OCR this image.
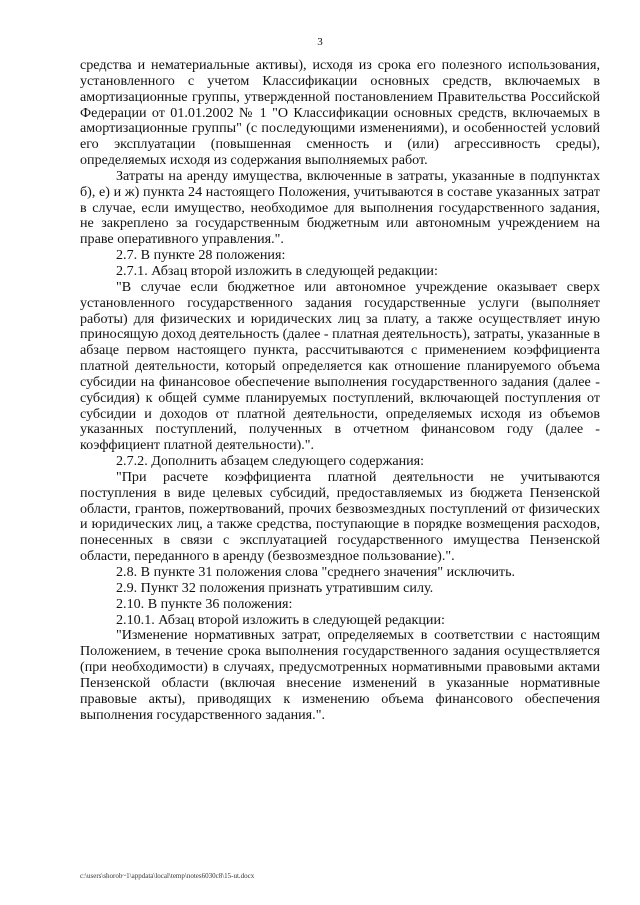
3

средства и нематериальные активы), исходя из срока его полезного использования, установленного с учетом Классификации основных средств, включаемых в амортизационные группы, утвержденной постановлением Правительства Российской Федерации от 01.01.2002 № 1 "О Классификации основных средств, включаемых в амортизационные группы" (с последующими изменениями), и особенностей условий его эксплуатации (повышенная сменность и (или) агрессивность среды), определяемых исходя из содержания выполняемых работ.

Затраты на аренду имущества, включенные в затраты, указанные в подпунктах б), е) и ж) пункта 24 настоящего Положения, учитываются в составе указанных затрат в случае, если имущество, необходимое для выполнения государственного задания, не закреплено за государственным бюджетным или автономным учреждением на праве оперативного управления.".

2.7. В пункте 28 положения:

2.7.1. Абзац второй изложить в следующей редакции:

"В случае если бюджетное или автономное учреждение оказывает сверх установленного государственного задания государственные услуги (выполняет работы) для физических и юридических лиц за плату, а также осуществляет иную приносящую доход деятельность (далее - платная деятельность), затраты, указанные в абзаце первом настоящего пункта, рассчитываются с применением коэффициента платной деятельности, который определяется как отношение планируемого объема субсидии на финансовое обеспечение выполнения государственного задания (далее - субсидия) к общей сумме планируемых поступлений, включающей поступления от субсидии и доходов от платной деятельности, определяемых исходя из объемов указанных поступлений, полученных в отчетном финансовом году (далее - коэффициент платной деятельности).".

2.7.2. Дополнить абзацем следующего содержания:

"При расчете коэффициента платной деятельности не учитываются поступления в виде целевых субсидий, предоставляемых из бюджета Пензенской области, грантов, пожертвований, прочих безвозмездных поступлений от физических и юридических лиц, а также средства, поступающие в порядке возмещения расходов, понесенных в связи с эксплуатацией государственного имущества Пензенской области, переданного в аренду (безвозмездное пользование).".

2.8. В пункте 31 положения слова "среднего значения" исключить.

2.9. Пункт 32 положения признать утратившим силу.

2.10. В пункте 36 положения:

2.10.1. Абзац второй изложить в следующей редакции:

"Изменение нормативных затрат, определяемых в соответствии с настоящим Положением, в течение срока выполнения государственного задания осуществляется (при необходимости) в случаях, предусмотренных нормативными правовыми актами Пензенской области (включая внесение изменений в указанные нормативные правовые акты), приводящих к изменению объема финансового обеспечения выполнения государственного задания.".

c:\users\shorob~1\appdata\local\temp\notes6030c8\15-ut.docx
